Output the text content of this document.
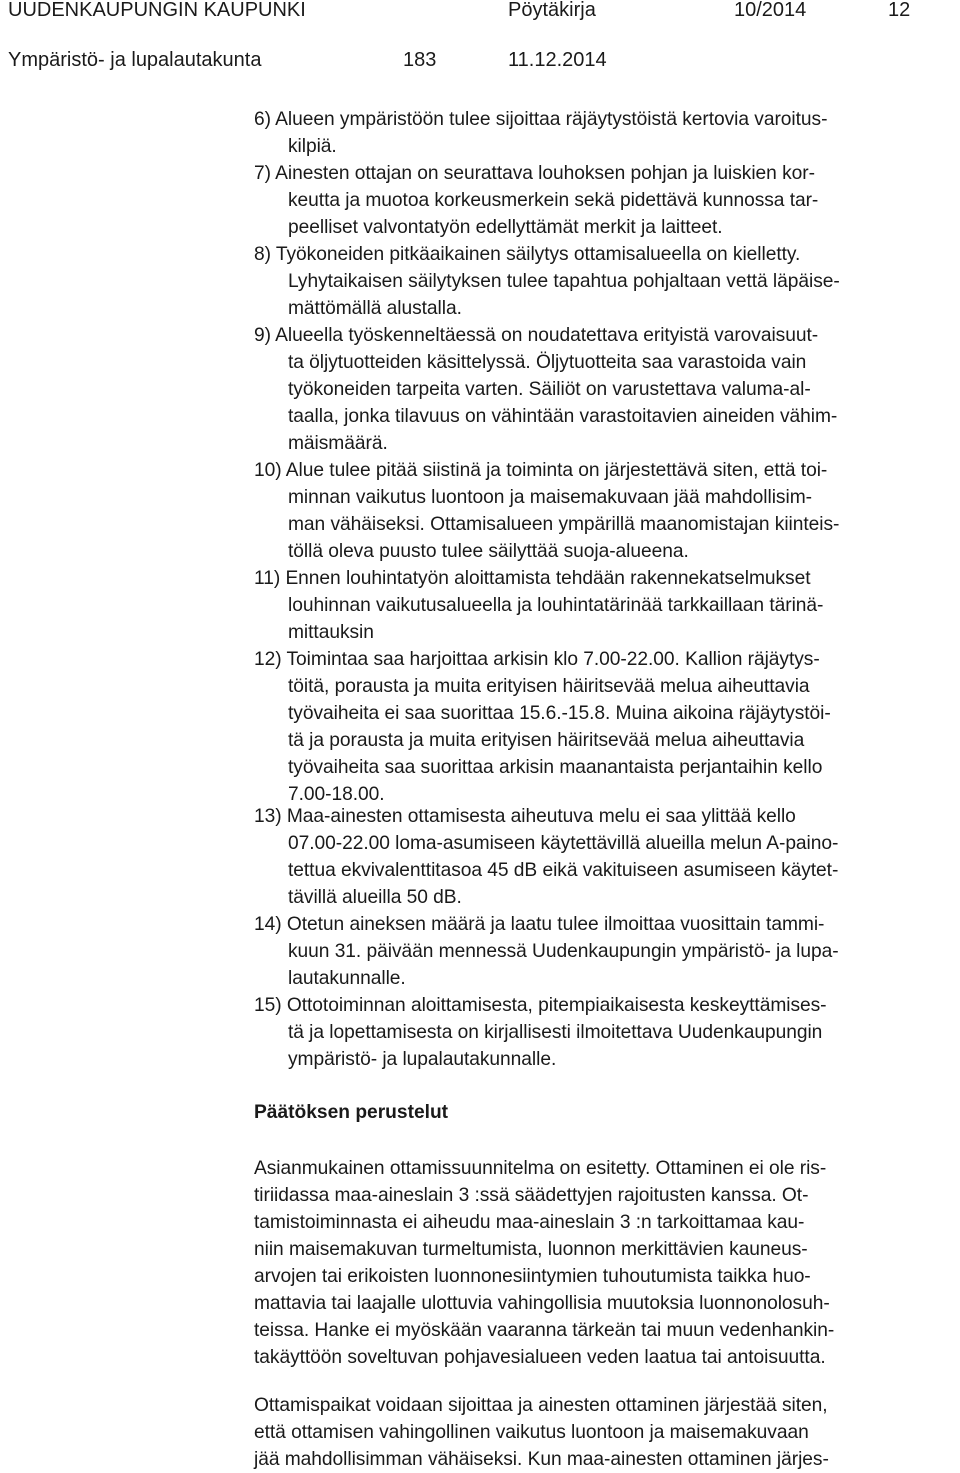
UUDENKAUPUNGIN KAUPUNKI	Pöytäkirja	10/2014	12
Ympäristö- ja lupalautakunta	183	11.12.2014
6) Alueen ympäristöön tulee sijoittaa räjäytystöistä kertovia varoitus-
kilpiä.
7) Ainesten ottajan on seurattava louhoksen pohjan ja luiskien kor-
keutta ja muotoa korkeusmerkein sekä pidettävä kunnossa tar-
peelliset valvontatyön edellyttämät merkit ja laitteet.
8) Työkoneiden pitkäaikainen säilytys ottamisalueella on kielletty.
Lyhytaikaisen säilytyksen tulee tapahtua pohjaltaan vettä läpäise-
mättömällä alustalla.
9) Alueella työskenneltäessä on noudatettava erityistä varovaisuut-
ta öljytuotteiden käsittelyssä. Öljytuotteita saa varastoida vain
työkoneiden tarpeita varten. Säiliöt on varustettava valuma-al-
taalla, jonka tilavuus on vähintään varastoitavien aineiden vähim-
mäismäärä.
10) Alue tulee pitää siistinä ja toiminta on järjestettävä siten, että toi-
minnan vaikutus luontoon ja maisemakuvaan jää mahdollisim-
man vähäiseksi. Ottamisalueen ympärillä maanomistajan kiinteis-
töllä oleva puusto tulee säilyttää suoja-alueena.
11) Ennen louhintatyön aloittamista tehdään rakennekatselmukset
louhinnan vaikutusalueella ja louhintatärinää tarkkaillaan tärinä-
mittauksin
12) Toimintaa saa harjoittaa arkisin klo 7.00-22.00. Kallion räjäytys-
töitä, porausta ja muita erityisen häiritsevää melua aiheuttavia
työvaiheita ei saa suorittaa 15.6.-15.8. Muina aikoina räjäytystöi-
tä ja porausta ja muita erityisen häiritsevää melua aiheuttavia
työvaiheita saa suorittaa arkisin maanantaista perjantaihin kello
7.00-18.00.
13) Maa-ainesten ottamisesta aiheutuva melu ei saa ylittää kello
07.00-22.00 loma-asumiseen käytettävillä alueilla melun A-paino-
tettua ekvivalenttitasoa 45 dB eikä vakituiseen asumiseen käytet-
tävillä alueilla 50 dB.
14) Otetun aineksen määrä ja laatu tulee ilmoittaa vuosittain tammi-
kuun 31. päivään mennessä Uudenkaupungin ympäristö- ja lupa-
lautakunnalle.
15) Ottotoiminnan aloittamisesta, pitempiaikaisesta keskeyttämises-
tä ja lopettamisesta on kirjallisesti ilmoitettava Uudenkaupungin
ympäristö- ja lupalautakunnalle.
Päätöksen perustelut
Asianmukainen ottamissuunnitelma on esitetty. Ottaminen ei ole ris-
tiriidassa maa-aineslain 3 :ssä säädettyjen rajoitusten kanssa. Ot-
tamistoiminnasta ei aiheudu maa-aineslain 3 :n tarkoittamaa kau-
niin maisemakuvan turmeltumista, luonnon merkittävien kauneus-
arvojen tai erikoisten luonnonesiintymien tuhoutumista taikka huo-
mattavia tai laajalle ulottuvia vahingollisia muutoksia luonnonolosuh-
teissa. Hanke ei myöskään vaaranna tärkeän tai muun vedenhankin-
takäyttöön soveltuvan pohjavesialueen veden laatua tai antoisuutta.
Ottamispaikat voidaan sijoittaa ja ainesten ottaminen järjestää siten,
että ottamisen vahingollinen vaikutus luontoon ja maisemakuvaan
jää mahdollisimman vähäiseksi. Kun maa-ainesten ottaminen järjes-
